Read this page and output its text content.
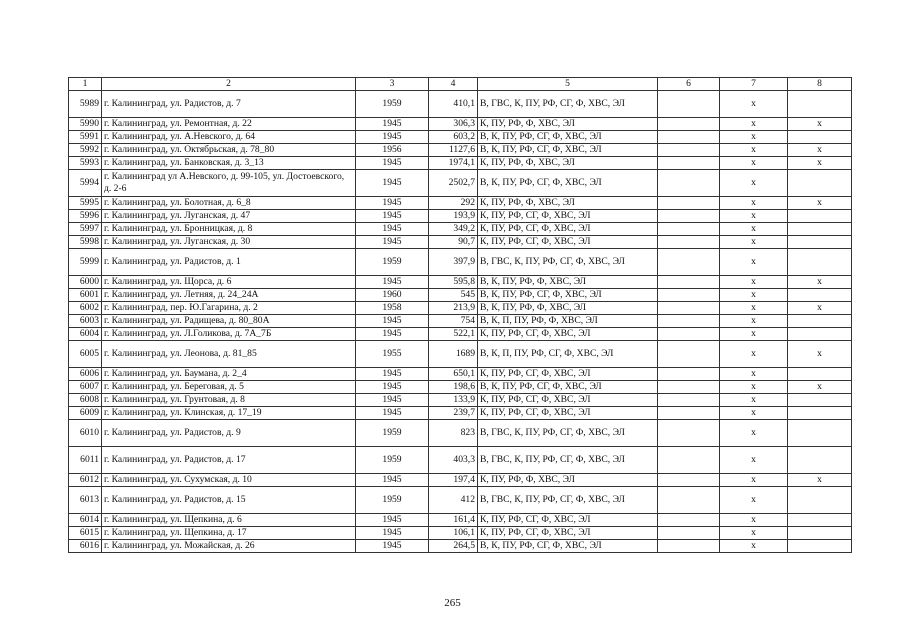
1	2	3	4	5	6	7	8
5989	г. Калининград, ул. Радистов, д. 7	1959	410,1	В, ГВС, К, ПУ, РФ, СГ, Ф, ХВС, ЭЛ		х	
5990	г. Калининград, ул. Ремонтная, д. 22	1945	306,3	К, ПУ, РФ, Ф, ХВС, ЭЛ		х	х
5991	г. Калининград, ул. А.Невского, д. 64	1945	603,2	В, К, ПУ, РФ, СГ, Ф, ХВС, ЭЛ		х	
5992	г. Калининград, ул. Октябрьская, д. 78_80	1956	1127,6	В, К, ПУ, РФ, СГ, Ф, ХВС, ЭЛ		х	х
5993	г. Калининград, ул. Банковская, д. 3_13	1945	1974,1	К, ПУ, РФ, Ф, ХВС, ЭЛ		х	х
5994	г. Калининград ул А.Невского, д. 99-105, ул. Достоевского, д. 2-6	1945	2502,7	В, К, ПУ, РФ, СГ, Ф, ХВС, ЭЛ		х	
5995	г. Калининград, ул. Болотная, д. 6_8	1945	292	К, ПУ, РФ, Ф, ХВС, ЭЛ		х	х
5996	г. Калининград, ул. Луганская, д. 47	1945	193,9	К, ПУ, РФ, СГ, Ф, ХВС, ЭЛ		х	
5997	г. Калининград, ул. Бронницкая, д. 8	1945	349,2	К, ПУ, РФ, СГ, Ф, ХВС, ЭЛ		х	
5998	г. Калининград, ул. Луганская, д. 30	1945	90,7	К, ПУ, РФ, СГ, Ф, ХВС, ЭЛ		х	
5999	г. Калининград, ул. Радистов, д. 1	1959	397,9	В, ГВС, К, ПУ, РФ, СГ, Ф, ХВС, ЭЛ		х	
6000	г. Калининград, ул. Щорса, д. 6	1945	595,8	В, К, ПУ, РФ, Ф, ХВС, ЭЛ		х	х
6001	г. Калининград, ул. Летняя, д. 24_24А	1960	545	В, К, ПУ, РФ, СГ, Ф, ХВС, ЭЛ		х	
6002	г. Калининград, пер. Ю.Гагарина, д. 2	1958	213,9	В, К, ПУ, РФ, Ф, ХВС, ЭЛ		х	х
6003	г. Калининград, ул. Радищева, д. 80_80А	1945	754	В, К, П, ПУ, РФ, Ф, ХВС, ЭЛ		х	
6004	г. Калининград, ул. Л.Голикова, д. 7А_7Б	1945	522,1	К, ПУ, РФ, СГ, Ф, ХВС, ЭЛ		х	
6005	г. Калининград, ул. Леонова, д. 81_85	1955	1689	В, К, П, ПУ, РФ, СГ, Ф, ХВС, ЭЛ		х	х
6006	г. Калининград, ул. Баумана, д. 2_4	1945	650,1	К, ПУ, РФ, СГ, Ф, ХВС, ЭЛ		х	
6007	г. Калининград, ул. Береговая, д. 5	1945	198,6	В, К, ПУ, РФ, СГ, Ф, ХВС, ЭЛ		х	х
6008	г. Калининград, ул. Грунтовая, д. 8	1945	133,9	К, ПУ, РФ, СГ, Ф, ХВС, ЭЛ		х	
6009	г. Калининград, ул. Клинская, д. 17_19	1945	239,7	К, ПУ, РФ, СГ, Ф, ХВС, ЭЛ		х	
6010	г. Калининград, ул. Радистов, д. 9	1959	823	В, ГВС, К, ПУ, РФ, СГ, Ф, ХВС, ЭЛ		х	
6011	г. Калининград, ул. Радистов, д. 17	1959	403,3	В, ГВС, К, ПУ, РФ, СГ, Ф, ХВС, ЭЛ		х	
6012	г. Калининград, ул. Сухумская, д. 10	1945	197,4	К, ПУ, РФ, Ф, ХВС, ЭЛ		х	х
6013	г. Калининград, ул. Радистов, д. 15	1959	412	В, ГВС, К, ПУ, РФ, СГ, Ф, ХВС, ЭЛ		х	
6014	г. Калининград, ул. Щепкина, д. 6	1945	161,4	К, ПУ, РФ, СГ, Ф, ХВС, ЭЛ		х	
6015	г. Калининград, ул. Щепкина, д. 17	1945	106,1	К, ПУ, РФ, СГ, Ф, ХВС, ЭЛ		х	
6016	г. Калининград, ул. Можайская, д. 26	1945	264,5	В, К, ПУ, РФ, СГ, Ф, ХВС, ЭЛ		х	
265
